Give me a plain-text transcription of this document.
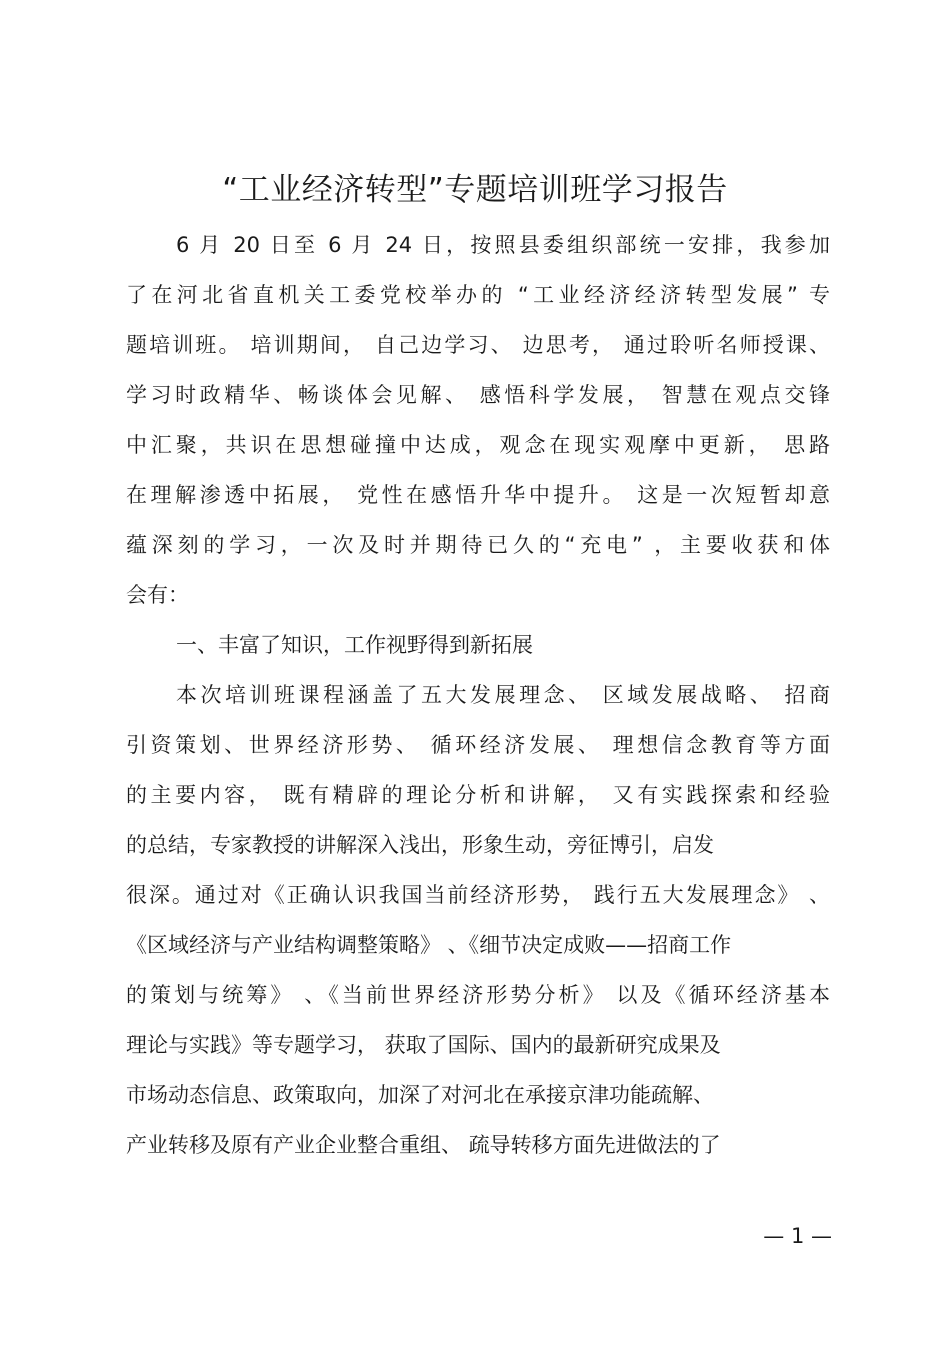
“工业经济转型”专题培训班学习报告
6 月 20 日至 6 月 24 日，按照县委组织部统一安排，我参加
了在河北省直机关工委党校举办的 “工业经济经济转型发展” 专
题培训班。 培训期间， 自己边学习、 边思考， 通过聆听名师授课、
学习时政精华、畅谈体会见解、 感悟科学发展， 智慧在观点交锋
中汇聚，共识在思想碰撞中达成，观念在现实观摩中更新， 思路
在理解渗透中拓展， 党性在感悟升华中提升。 这是一次短暂却意
蕴深刻的学习，一次及时并期待已久的“充电” ，主要收获和体
会有：
一、丰富了知识，工作视野得到新拓展
本次培训班课程涵盖了五大发展理念、 区域发展战略、 招商
引资策划、世界经济形势、 循环经济发展、 理想信念教育等方面
的主要内容， 既有精辟的理论分析和讲解， 又有实践探索和经验
的总结，专家教授的讲解深入浅出，形象生动，旁征博引，启发
很深。通过对《正确认识我国当前经济形势， 践行五大发展理念》 、
《区域经济与产业结构调整策略》 、《细节决定成败——招商工作
的策划与统筹》 、《当前世界经济形势分析》 以及《循环经济基本
理论与实践》等专题学习， 获取了国际、国内的最新研究成果及
市场动态信息、政策取向，加深了对河北在承接京津功能疏解、
产业转移及原有产业企业整合重组、 疏导转移方面先进做法的了
— 1 —
